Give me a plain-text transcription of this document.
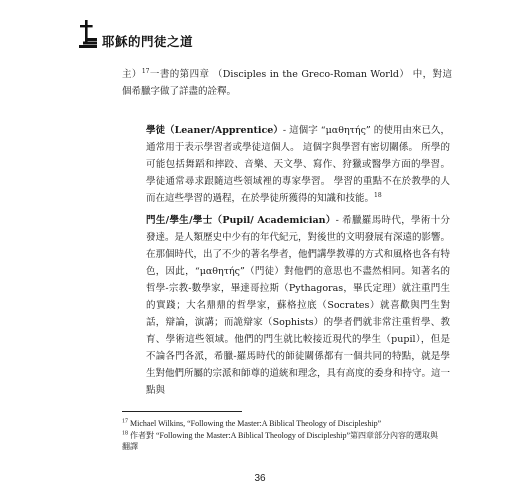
耶穌的門徒之道
主）$^{17}$一書的第四章 （Disciples in the Greco-Roman World） 中，對這個希臘字做了詳盡的詮釋。
學徒（Leaner/Apprentice）- 這個字 “μαθητής” 的使用由來已久，通常用于表示學習者或學徒這個人。 這個字與學習有密切關係。 所學的可能包括舞蹈和摔跤、音樂、天文學、寫作、狩獵或醫學方面的學習。 學徒通常尋求跟隨這些領域裡的專家學習。 學習的重點不在於教學的人而在這些學習的過程，在於學徒所獲得的知識和技能。$^{18}$
門生/學生/學士（Pupil/ Academician）- 希臘羅馬時代，學術十分發達。是人類歷史中少有的年代紀元，對後世的文明發展有深遠的影響。在那個時代，出了不少的著名學者，他們講學教導的方式和風格也各有特色，因此，“μαθητής”（門徒）對他們的意思也不盡然相同。知著名的哲學-宗教-數學家，畢達哥拉斯（Pythagoras，畢氏定理）就注重門生的實踐；大名鼎鼎的哲學家，蘇格拉底（Socrates）就喜歡與門生對話，辯論，演講；而詭辯家（Sophists）的學者們就非常注重哲學、教育、學術這些領域。他們的門生就比較接近現代的學生（pupil），但是不論各門各派，希臘-羅馬時代的師徒關係都有一個共同的特點，就是學生對他們所屬的宗派和師尊的道統和理念，具有高度的委身和持守。這一點與

$^{17}$ Michael Wilkins, “Following the Master:A Biblical Theology of Discipleship”

$^{18}$ 作者對 “Following the Master:A Biblical Theology of Discipleship”第四章部分內容的選取與翻譯

36
